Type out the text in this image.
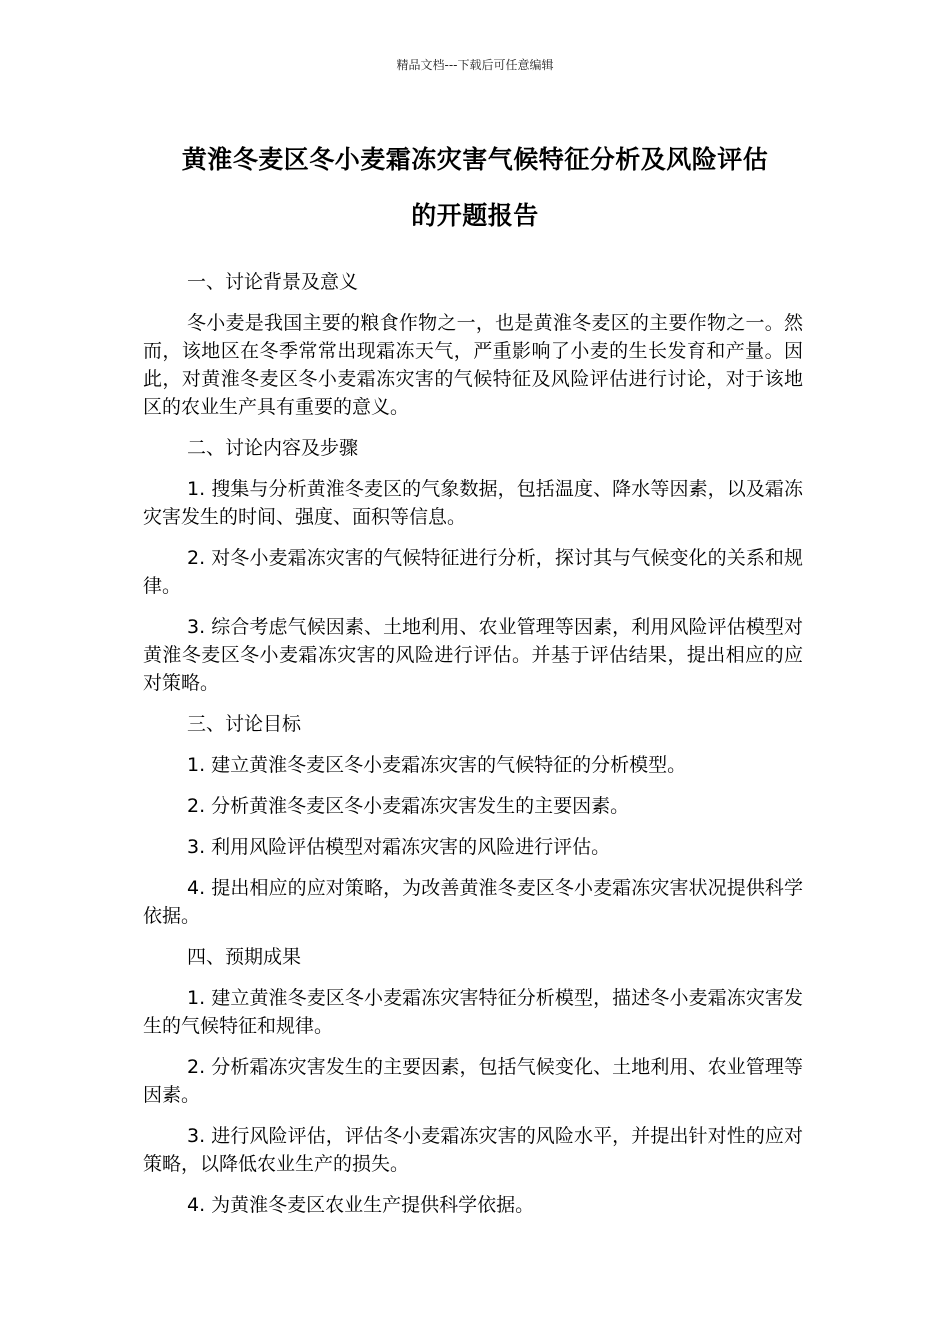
精品文档---下载后可任意编辑
黄淮冬麦区冬小麦霜冻灾害气候特征分析及风险评估
的开题报告

一、讨论背景及意义

冬小麦是我国主要的粮食作物之一，也是黄淮冬麦区的主要作物之一。然而，该地区在冬季常常出现霜冻天气，严重影响了小麦的生长发育和产量。因此，对黄淮冬麦区冬小麦霜冻灾害的气候特征及风险评估进行讨论，对于该地区的农业生产具有重要的意义。

二、讨论内容及步骤

1. 搜集与分析黄淮冬麦区的气象数据，包括温度、降水等因素，以及霜冻灾害发生的时间、强度、面积等信息。

2. 对冬小麦霜冻灾害的气候特征进行分析，探讨其与气候变化的关系和规律。

3. 综合考虑气候因素、土地利用、农业管理等因素，利用风险评估模型对黄淮冬麦区冬小麦霜冻灾害的风险进行评估。并基于评估结果，提出相应的应对策略。

三、讨论目标

1. 建立黄淮冬麦区冬小麦霜冻灾害的气候特征的分析模型。

2. 分析黄淮冬麦区冬小麦霜冻灾害发生的主要因素。

3. 利用风险评估模型对霜冻灾害的风险进行评估。

4. 提出相应的应对策略，为改善黄淮冬麦区冬小麦霜冻灾害状况提供科学依据。

四、预期成果

1. 建立黄淮冬麦区冬小麦霜冻灾害特征分析模型，描述冬小麦霜冻灾害发生的气候特征和规律。

2. 分析霜冻灾害发生的主要因素，包括气候变化、土地利用、农业管理等因素。

3. 进行风险评估，评估冬小麦霜冻灾害的风险水平，并提出针对性的应对策略，以降低农业生产的损失。

4. 为黄淮冬麦区农业生产提供科学依据。
